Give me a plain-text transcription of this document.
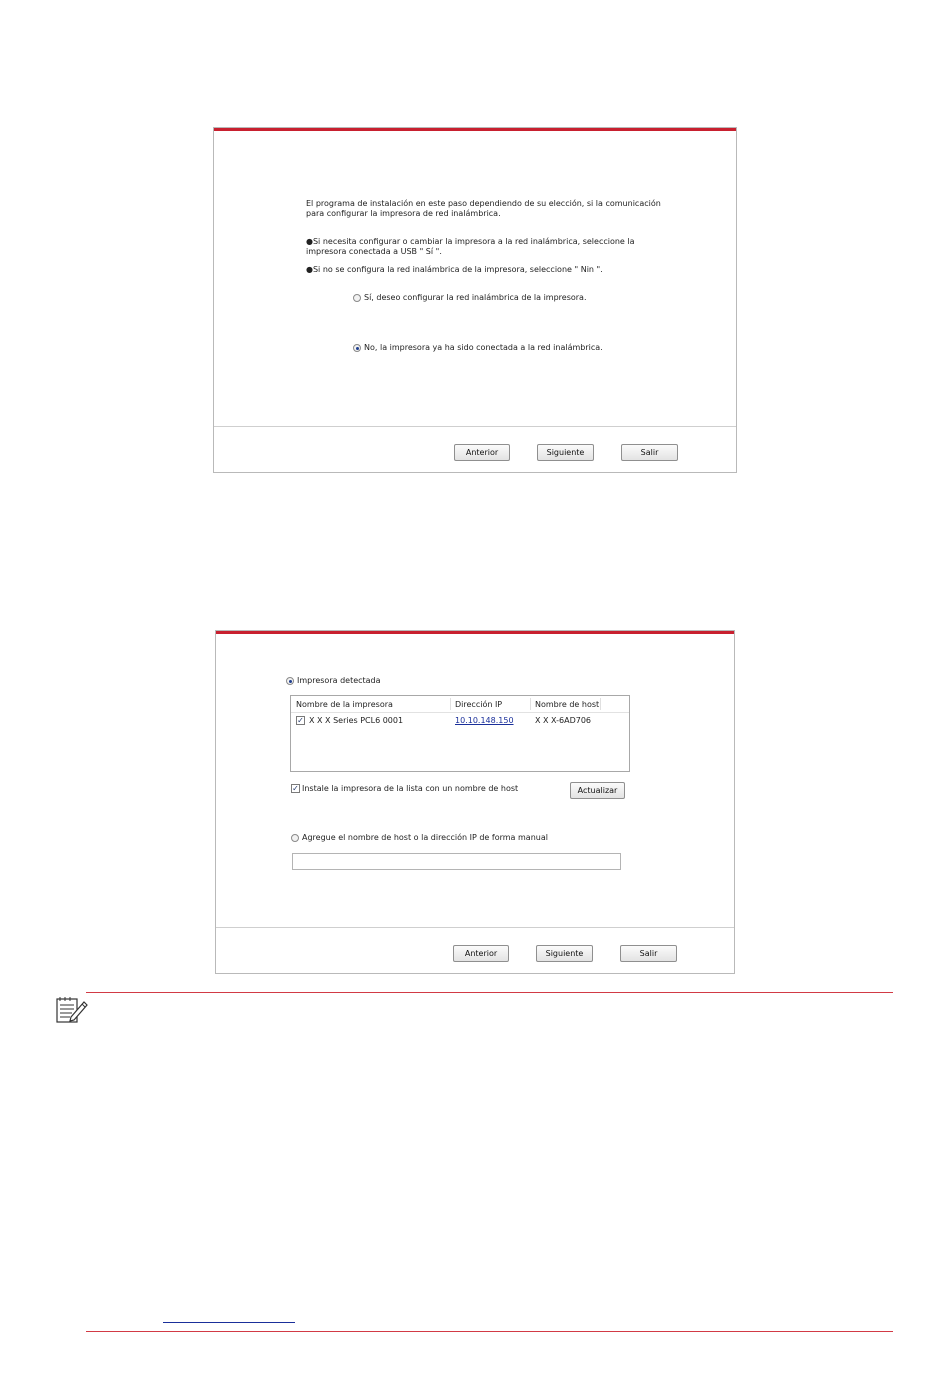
El programa de instalación en este paso dependiendo de su elección, si la comunicación
para configurar la impresora de red inalámbrica.
●Si necesita configurar o cambiar la impresora a la red inalámbrica, seleccione la
impresora conectada a USB " Sí ".
●Si no se configura la red inalámbrica de la impresora, seleccione " Nin ".
Sí, deseo configurar la red inalámbrica de la impresora.
No, la impresora ya ha sido conectada a la red inalámbrica.
Anterior	Siguiente	Salir
Impresora detectada
Nombre de la impresora	Dirección IP	Nombre de host
✓ X X X Series PCL6 0001	10.10.148.150	X X X-6AD706
✓ Instale la impresora de la lista con un nombre de host	Actualizar
Agregue el nombre de host o la dirección IP de forma manual
Anterior	Siguiente	Salir
